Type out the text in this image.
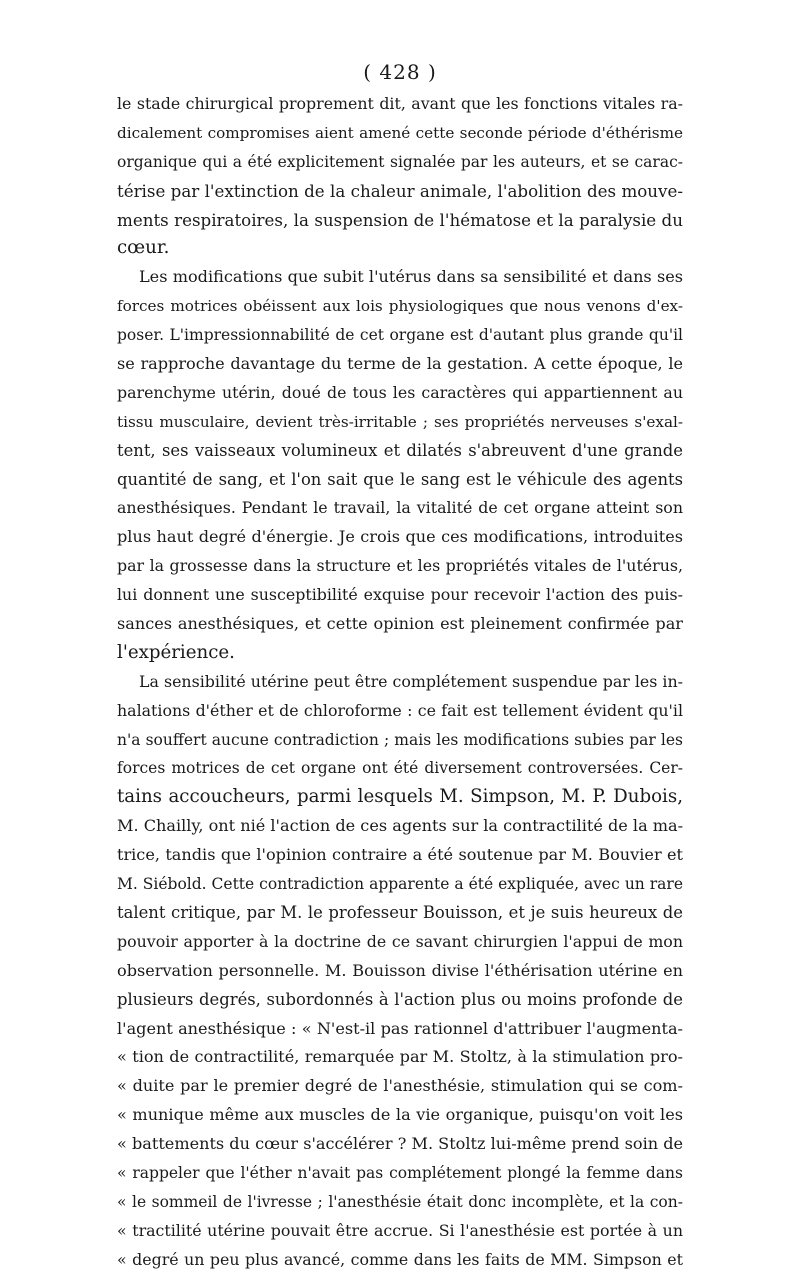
( 428 )
le stade chirurgical proprement dit, avant que les fonctions vitales ra-
dicalement compromises aient amené cette seconde période d'éthérisme
organique qui a été explicitement signalée par les auteurs, et se carac-
térise par l'extinction de la chaleur animale, l'abolition des mouve-
ments respiratoires, la suspension de l'hématose et la paralysie du
cœur.
Les modifications que subit l'utérus dans sa sensibilité et dans ses
forces motrices obéissent aux lois physiologiques que nous venons d'ex-
poser. L'impressionnabilité de cet organe est d'autant plus grande qu'il
se rapproche davantage du terme de la gestation. A cette époque, le
parenchyme utérin, doué de tous les caractères qui appartiennent au
tissu musculaire, devient très-irritable ; ses propriétés nerveuses s'exal-
tent, ses vaisseaux volumineux et dilatés s'abreuvent d'une grande
quantité de sang, et l'on sait que le sang est le véhicule des agents
anesthésiques. Pendant le travail, la vitalité de cet organe atteint son
plus haut degré d'énergie. Je crois que ces modifications, introduites
par la grossesse dans la structure et les propriétés vitales de l'utérus,
lui donnent une susceptibilité exquise pour recevoir l'action des puis-
sances anesthésiques, et cette opinion est pleinement confirmée par
l'expérience.
La sensibilité utérine peut être complétement suspendue par les in-
halations d'éther et de chloroforme : ce fait est tellement évident qu'il
n'a souffert aucune contradiction ; mais les modifications subies par les
forces motrices de cet organe ont été diversement controversées. Cer-
tains accoucheurs, parmi lesquels M. Simpson, M. P. Dubois,
M. Chailly, ont nié l'action de ces agents sur la contractilité de la ma-
trice, tandis que l'opinion contraire a été soutenue par M. Bouvier et
M. Siébold. Cette contradiction apparente a été expliquée, avec un rare
talent critique, par M. le professeur Bouisson, et je suis heureux de
pouvoir apporter à la doctrine de ce savant chirurgien l'appui de mon
observation personnelle. M. Bouisson divise l'éthérisation utérine en
plusieurs degrés, subordonnés à l'action plus ou moins profonde de
l'agent anesthésique : « N'est-il pas rationnel d'attribuer l'augmenta-
« tion de contractilité, remarquée par M. Stoltz, à la stimulation pro-
« duite par le premier degré de l'anesthésie, stimulation qui se com-
« munique même aux muscles de la vie organique, puisqu'on voit les
« battements du cœur s'accélérer ? M. Stoltz lui-même prend soin de
« rappeler que l'éther n'avait pas complétement plongé la femme dans
« le sommeil de l'ivresse ; l'anesthésie était donc incomplète, et la con-
« tractilité utérine pouvait être accrue. Si l'anesthésie est portée à un
« degré un peu plus avancé, comme dans les faits de MM. Simpson et
